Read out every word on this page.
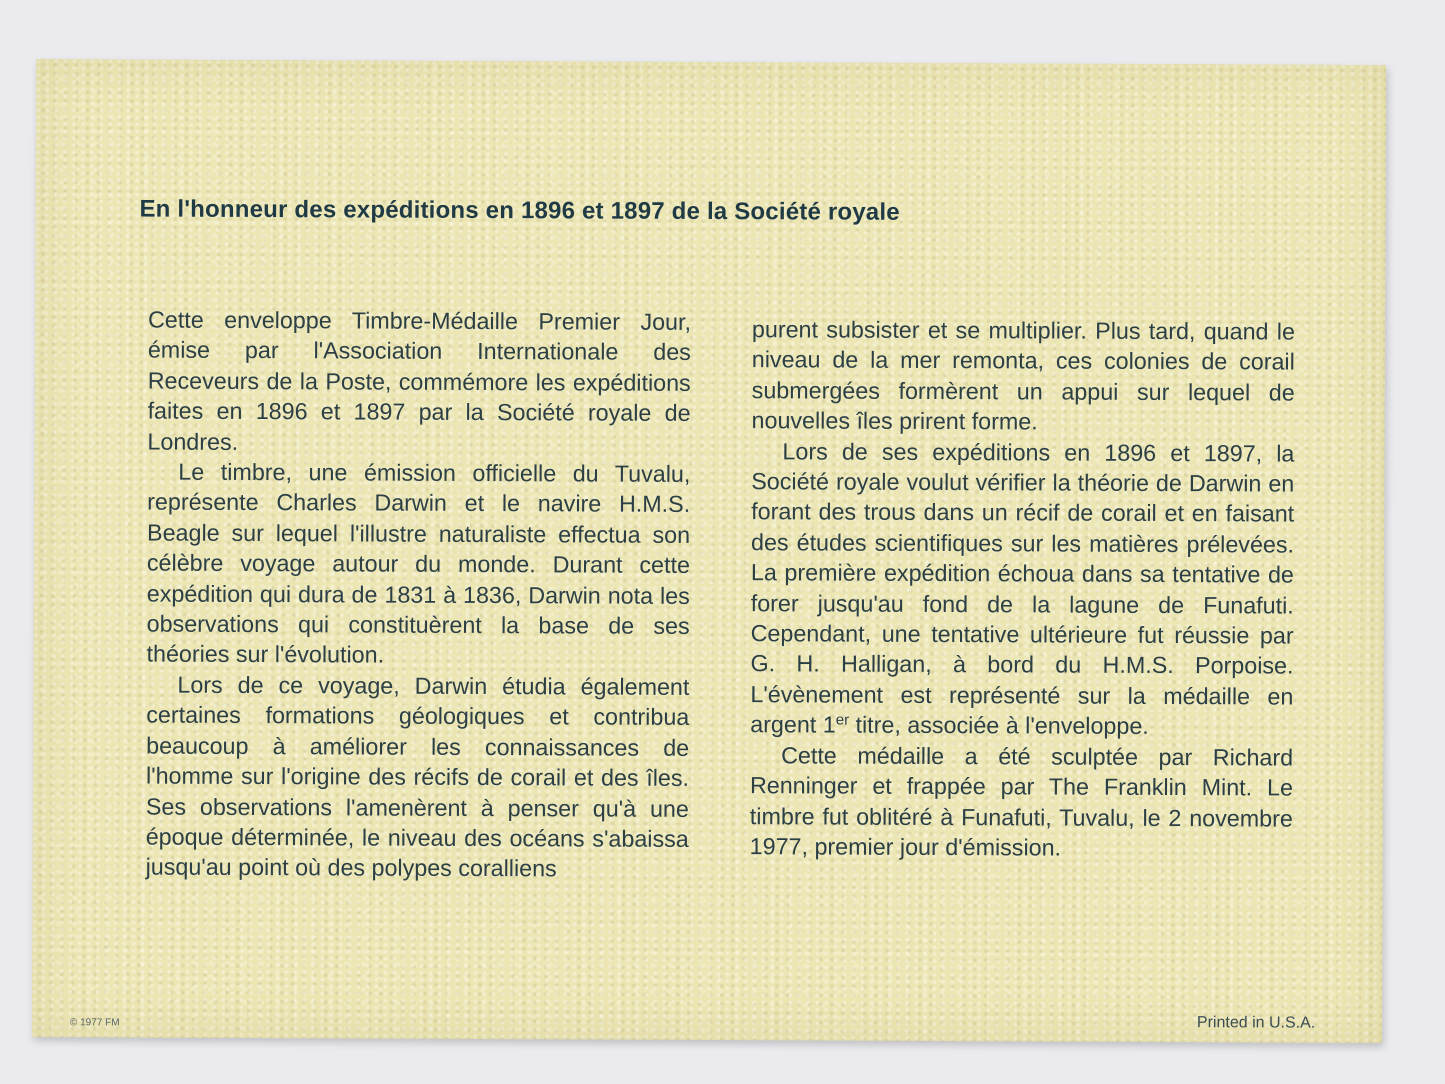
En l'honneur des expéditions en 1896 et 1897 de la Société royale

Cette enveloppe Timbre-Médaille Premier Jour, émise par l'Association Internationale des Receveurs de la Poste, commémore les expéditions faites en 1896 et 1897 par la Société royale de Londres.

Le timbre, une émission officielle du Tuvalu, représente Charles Darwin et le navire H.M.S. Beagle sur lequel l'illustre naturaliste effectua son célèbre voyage autour du monde. Durant cette expédition qui dura de 1831 à 1836, Darwin nota les observations qui constituèrent la base de ses théories sur l'évolution.

Lors de ce voyage, Darwin étudia également certaines formations géologiques et contribua beaucoup à améliorer les connaissances de l'homme sur l'origine des récifs de corail et des îles. Ses observations l'amenèrent à penser qu'à une époque déterminée, le niveau des océans s'abaissa jusqu'au point où des polypes coralliens

purent subsister et se multiplier. Plus tard, quand le niveau de la mer remonta, ces colonies de corail submergées formèrent un appui sur lequel de nouvelles îles prirent forme.

Lors de ses expéditions en 1896 et 1897, la Société royale voulut vérifier la théorie de Darwin en forant des trous dans un récif de corail et en faisant des études scientifiques sur les matières prélevées. La première expédition échoua dans sa tentative de forer jusqu'au fond de la lagune de Funafuti. Cependant, une tentative ultérieure fut réussie par G. H. Halligan, à bord du H.M.S. Porpoise. L'évènement est représenté sur la médaille en argent 1er titre, associée à l'enveloppe.

Cette médaille a été sculptée par Richard Renninger et frappée par The Franklin Mint. Le timbre fut oblitéré à Funafuti, Tuvalu, le 2 novembre 1977, premier jour d'émission.

© 1977 FM	Printed in U.S.A.
